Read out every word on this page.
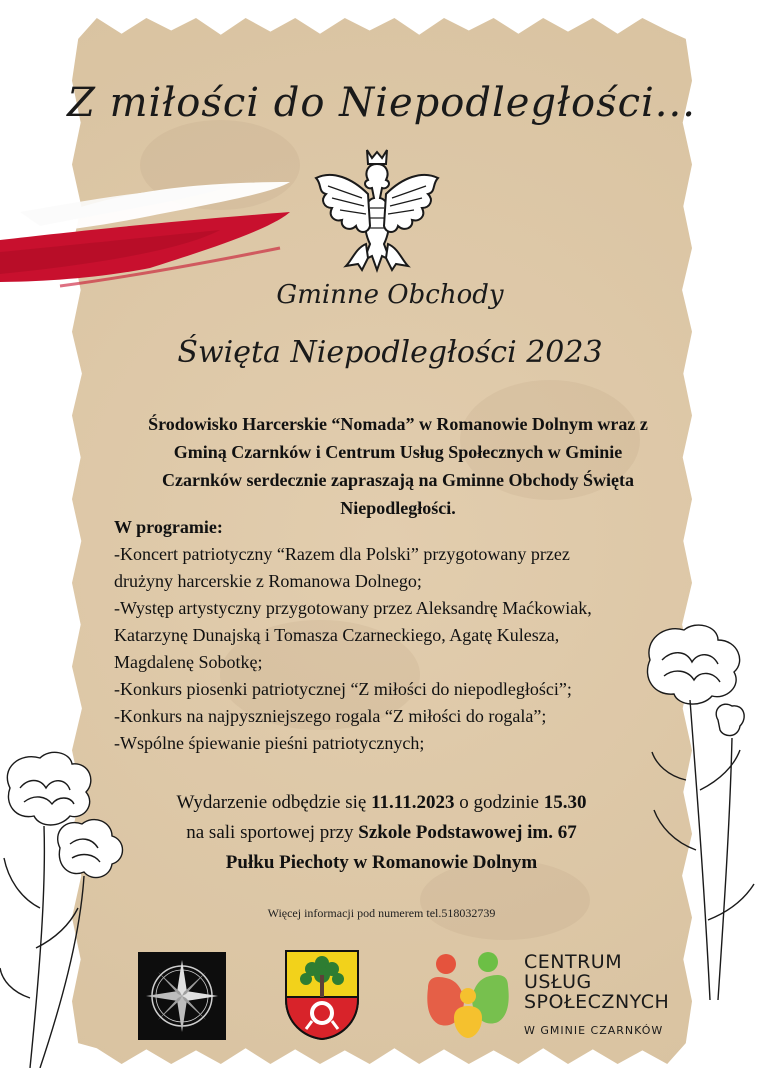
Z miłości do Niepodległości...
Gminne Obchody
Święta Niepodległości 2023
Środowisko Harcerskie “Nomada” w Romanowie Dolnym wraz z
Gminą Czarnków i Centrum Usług Społecznych w Gminie
Czarnków serdecznie zapraszają na Gminne Obchody Święta
Niepodległości.
W programie:
-Koncert patriotyczny “Razem dla Polski” przygotowany przez
drużyny harcerskie z Romanowa Dolnego;
-Występ artystyczny przygotowany przez Aleksandrę Maćkowiak,
Katarzynę Dunajską i Tomasza Czarneckiego, Agatę Kulesza,
Magdalenę Sobotkę;
-Konkurs piosenki patriotycznej “Z miłości do niepodległości”;
-Konkurs na najpyszniejszego rogala “Z miłości do rogala”;
-Wspólne śpiewanie pieśni patriotycznych;
Wydarzenie odbędzie się 11.11.2023 o godzinie 15.30
na sali sportowej przy Szkole Podstawowej im. 67
Pułku Piechoty w Romanowie Dolnym
Więcej informacji pod numerem tel.518032739
CENTRUM
USŁUG
SPOŁECZNYCH
W GMINIE CZARNKÓW
